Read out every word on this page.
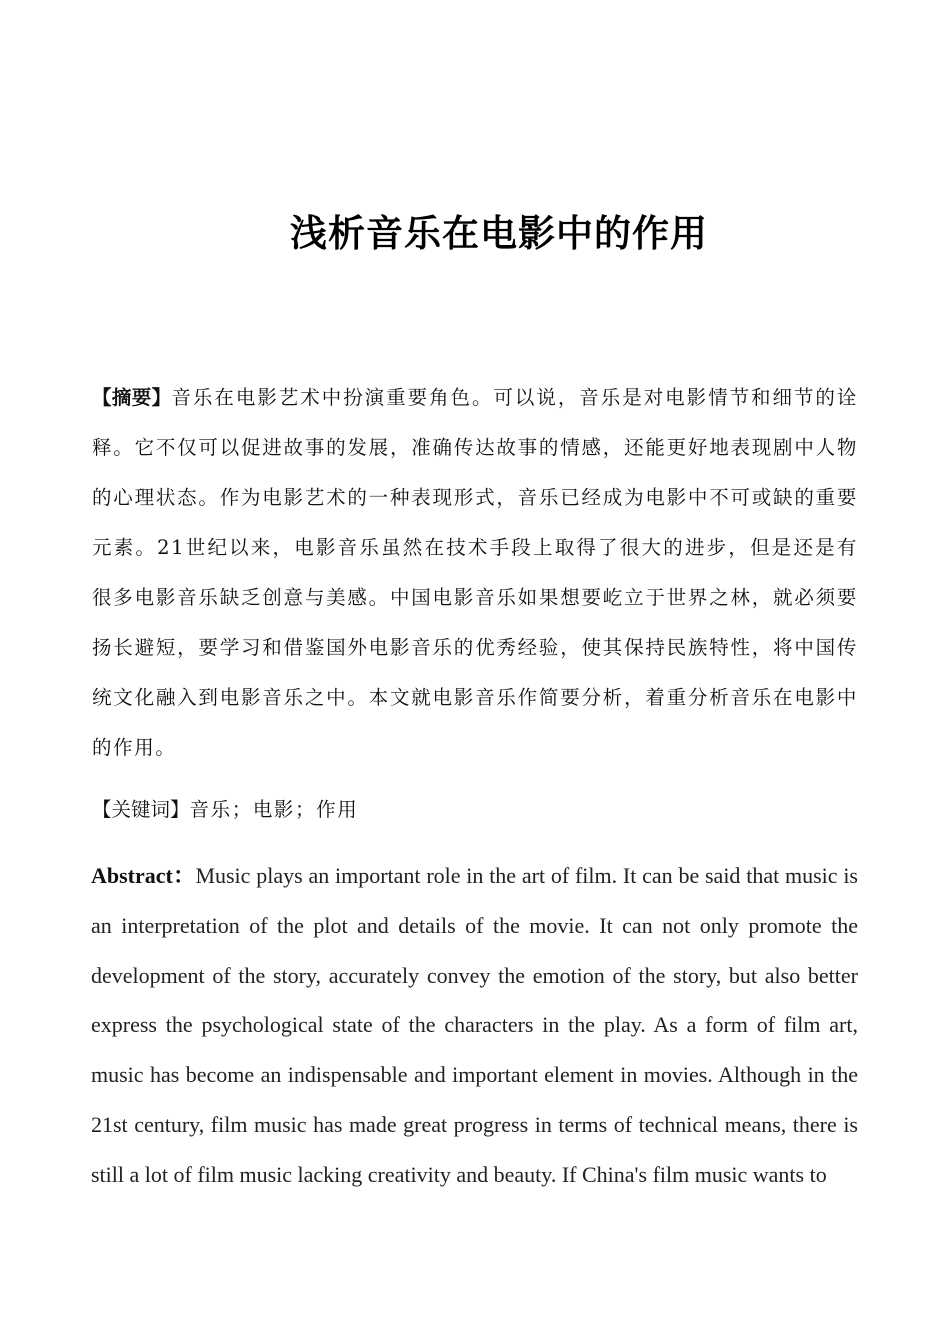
浅析音乐在电影中的作用

【摘要】音乐在电影艺术中扮演重要角色。可以说，音乐是对电影情节和细节的诠释。它不仅可以促进故事的发展，准确传达故事的情感，还能更好地表现剧中人物的心理状态。作为电影艺术的一种表现形式，音乐已经成为电影中不可或缺的重要元素。21世纪以来，电影音乐虽然在技术手段上取得了很大的进步，但是还是有很多电影音乐缺乏创意与美感。中国电影音乐如果想要屹立于世界之林，就必须要扬长避短，要学习和借鉴国外电影音乐的优秀经验，使其保持民族特性，将中国传统文化融入到电影音乐之中。本文就电影音乐作简要分析，着重分析音乐在电影中的作用。

【关键词】音乐；电影；作用

Abstract：Music plays an important role in the art of film. It can be said that music is an interpretation of the plot and details of the movie. It can not only promote the development of the story, accurately convey the emotion of the story, but also better express the psychological state of the characters in the play. As a form of film art, music has become an indispensable and important element in movies. Although in the 21st century, film music has made great progress in terms of technical means, there is still a lot of film music lacking creativity and beauty. If China's film music wants to
